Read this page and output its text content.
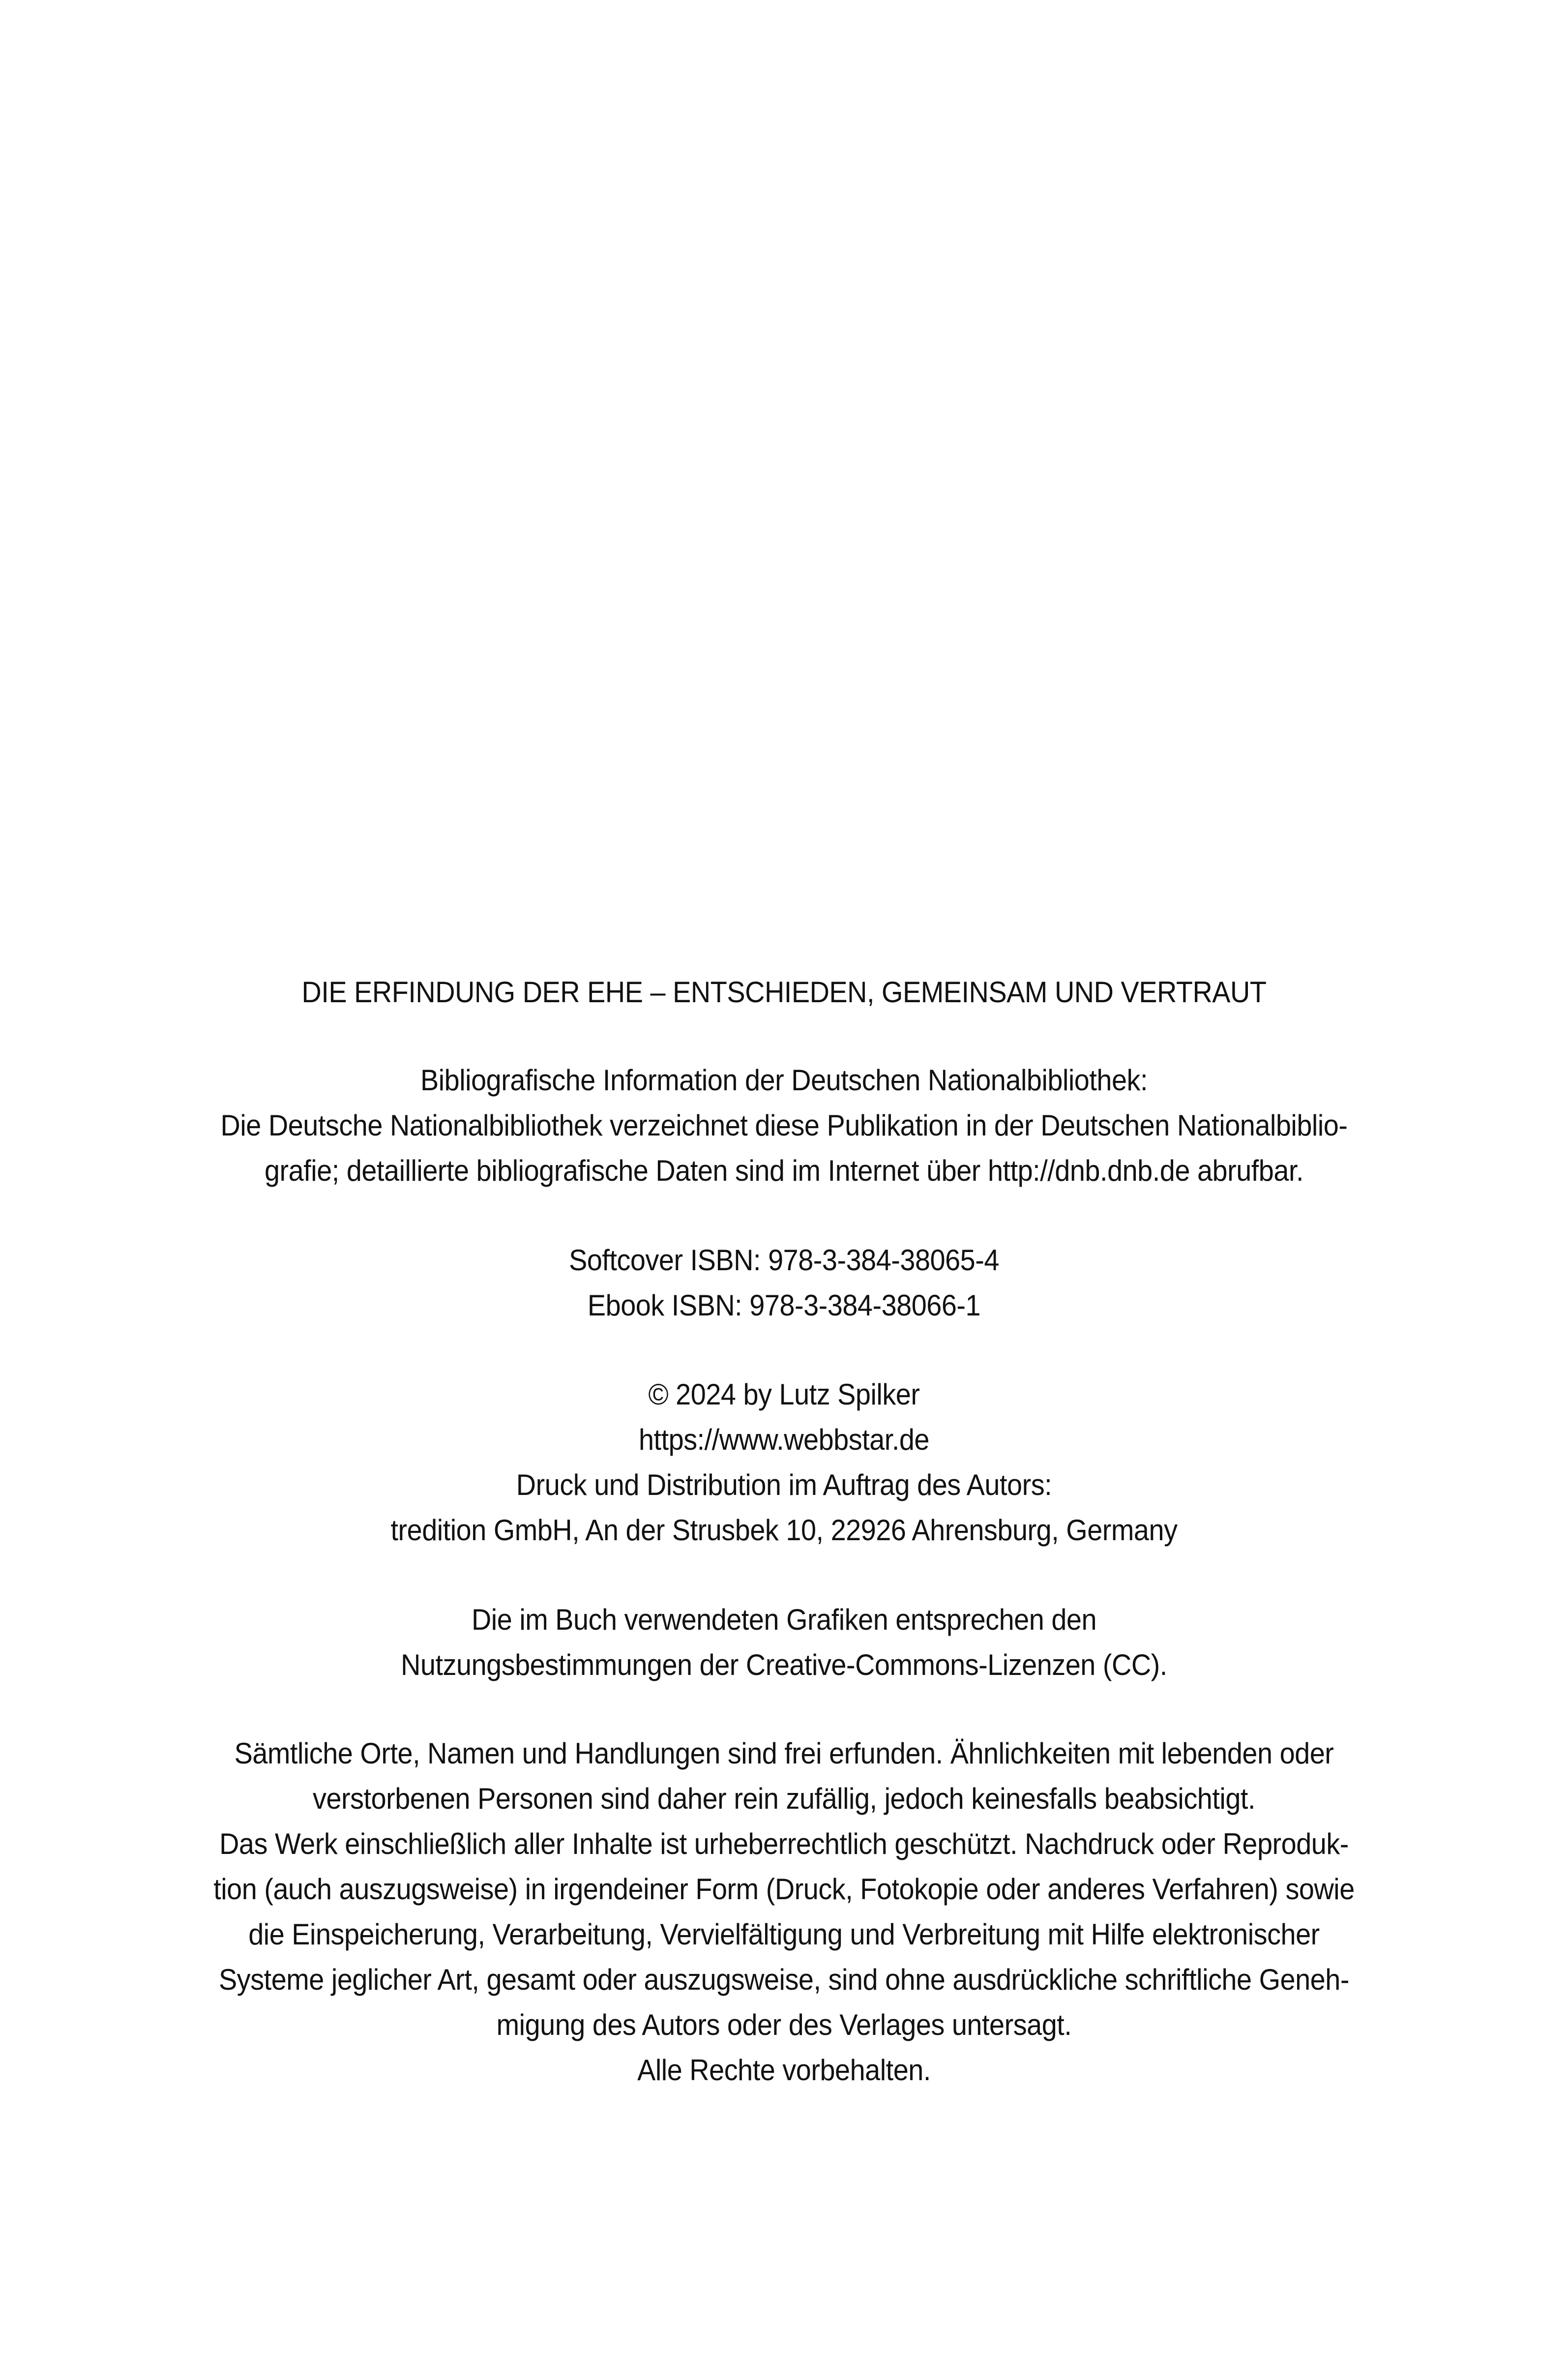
DIE ERFINDUNG DER EHE – ENTSCHIEDEN, GEMEINSAM UND VERTRAUT
Bibliografische Information der Deutschen Nationalbibliothek:
Die Deutsche Nationalbibliothek verzeichnet diese Publikation in der Deutschen Nationalbiblio-
grafie; detaillierte bibliografische Daten sind im Internet über http://dnb.dnb.de abrufbar.
Softcover ISBN: 978-3-384-38065-4
Ebook ISBN: 978-3-384-38066-1
© 2024 by Lutz Spilker
https://www.webbstar.de
Druck und Distribution im Auftrag des Autors:
tredition GmbH, An der Strusbek 10, 22926 Ahrensburg, Germany
Die im Buch verwendeten Grafiken entsprechen den
Nutzungsbestimmungen der Creative-Commons-Lizenzen (CC).
Sämtliche Orte, Namen und Handlungen sind frei erfunden. Ähnlichkeiten mit lebenden oder
verstorbenen Personen sind daher rein zufällig, jedoch keinesfalls beabsichtigt.
Das Werk einschließlich aller Inhalte ist urheberrechtlich geschützt. Nachdruck oder Reproduk-
tion (auch auszugsweise) in irgendeiner Form (Druck, Fotokopie oder anderes Verfahren) sowie
die Einspeicherung, Verarbeitung, Vervielfältigung und Verbreitung mit Hilfe elektronischer
Systeme jeglicher Art, gesamt oder auszugsweise, sind ohne ausdrückliche schriftliche Geneh-
migung des Autors oder des Verlages untersagt.
Alle Rechte vorbehalten.
